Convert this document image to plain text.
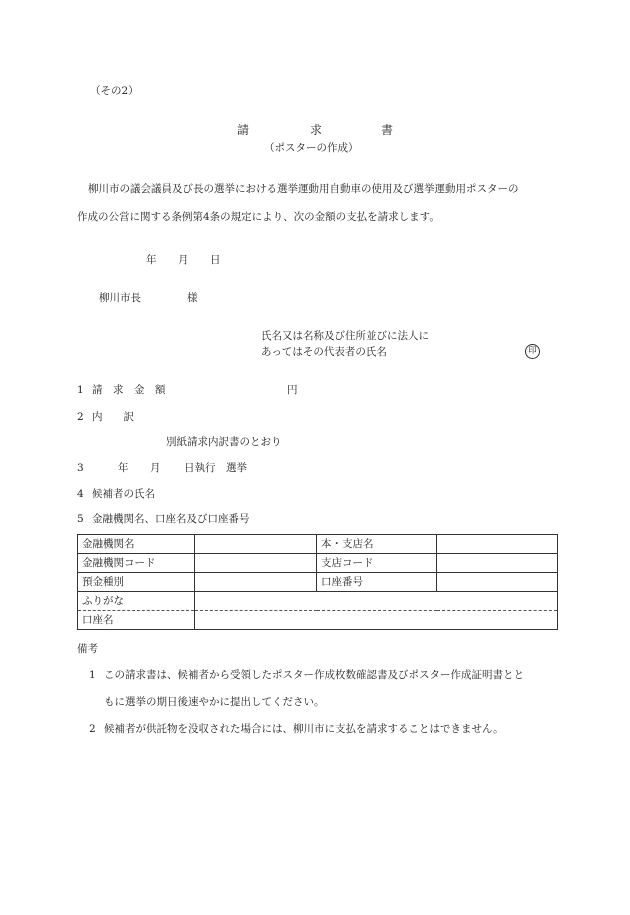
（その2）
請	求	書
（ポスターの作成）
柳川市の議会議員及び長の選挙における選挙運動用自動車の使用及び選挙運動用ポスターの
作成の公営に関する条例第4条の規定により、次の金額の支払を請求します。
年 月 日
柳川市長	様
氏名又は名称及び住所並びに法人に
あってはその代表者の氏名	印
1 請　求　金　額	円
2 内　　訳
別紙請求内訳書のとおり
3	年 月 日執行　選挙
4 候補者の氏名
5 金融機関名、口座名及び口座番号
金融機関名		本・支店名	
金融機関コード		支店コード	
預金種別		口座番号	
ふりがな			
口座名			
備考
1 この請求書は、候補者から受領したポスター作成枚数確認書及びポスター作成証明書とと
もに選挙の期日後速やかに提出してください。
2 候補者が供託物を没収された場合には、柳川市に支払を請求することはできません。
